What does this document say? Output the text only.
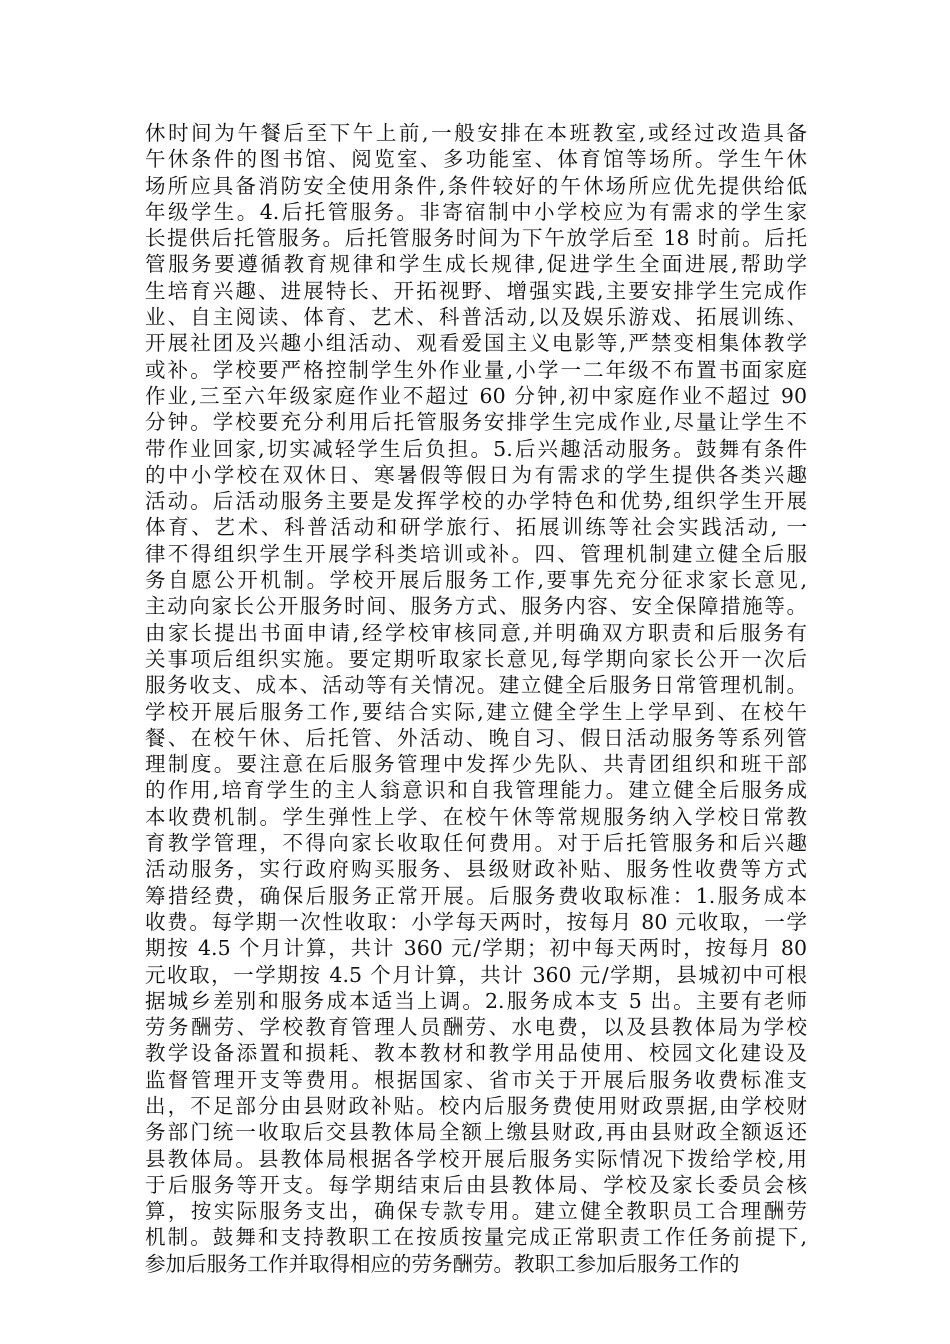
休时间为午餐后至下午上前,一般安排在本班教室,或经过改造具备
午休条件的图书馆、阅览室、多功能室、体育馆等场所。学生午休
场所应具备消防安全使用条件,条件较好的午休场所应优先提供给低
年级学生。4.后托管服务。非寄宿制中小学校应为有需求的学生家
长提供后托管服务。后托管服务时间为下午放学后至 18 时前。后托
管服务要遵循教育规律和学生成长规律,促进学生全面进展,帮助学
生培育兴趣、进展特长、开拓视野、增强实践,主要安排学生完成作
业、自主阅读、体育、艺术、科普活动,以及娱乐游戏、拓展训练、
开展社团及兴趣小组活动、观看爱国主义电影等,严禁变相集体教学
或补。学校要严格控制学生外作业量,小学一二年级不布置书面家庭
作业,三至六年级家庭作业不超过 60 分钟,初中家庭作业不超过 90
分钟。学校要充分利用后托管服务安排学生完成作业,尽量让学生不
带作业回家,切实减轻学生后负担。5.后兴趣活动服务。鼓舞有条件
的中小学校在双休日、寒暑假等假日为有需求的学生提供各类兴趣
活动。后活动服务主要是发挥学校的办学特色和优势,组织学生开展
体育、艺术、科普活动和研学旅行、拓展训练等社会实践活动, 一
律不得组织学生开展学科类培训或补。四、管理机制建立健全后服
务自愿公开机制。学校开展后服务工作,要事先充分征求家长意见,
主动向家长公开服务时间、服务方式、服务内容、安全保障措施等。
由家长提出书面申请,经学校审核同意,并明确双方职责和后服务有
关事项后组织实施。要定期听取家长意见,每学期向家长公开一次后
服务收支、成本、活动等有关情况。建立健全后服务日常管理机制。
学校开展后服务工作,要结合实际,建立健全学生上学早到、在校午
餐、在校午休、后托管、外活动、晚自习、假日活动服务等系列管
理制度。要注意在后服务管理中发挥少先队、共青团组织和班干部
的作用,培育学生的主人翁意识和自我管理能力。建立健全后服务成
本收费机制。学生弹性上学、在校午休等常规服务纳入学校日常教
育教学管理，不得向家长收取任何费用。对于后托管服务和后兴趣
活动服务，实行政府购买服务、县级财政补贴、服务性收费等方式
筹措经费，确保后服务正常开展。后服务费收取标准：1.服务成本
收费。每学期一次性收取：小学每天两时，按每月 80 元收取，一学
期按 4.5 个月计算，共计 360 元/学期；初中每天两时，按每月 80
元收取，一学期按 4.5 个月计算，共计 360 元/学期，县城初中可根
据城乡差别和服务成本适当上调。2.服务成本支 5 出。主要有老师
劳务酬劳、学校教育管理人员酬劳、水电费，以及县教体局为学校
教学设备添置和损耗、教本教材和教学用品使用、校园文化建设及
监督管理开支等费用。根据国家、省市关于开展后服务收费标准支
出，不足部分由县财政补贴。校内后服务费使用财政票据,由学校财
务部门统一收取后交县教体局全额上缴县财政,再由县财政全额返还
县教体局。县教体局根据各学校开展后服务实际情况下拨给学校,用
于后服务等开支。每学期结束后由县教体局、学校及家长委员会核
算，按实际服务支出，确保专款专用。建立健全教职员工合理酬劳
机制。鼓舞和支持教职工在按质按量完成正常职责工作任务前提下,
参加后服务工作并取得相应的劳务酬劳。教职工参加后服务工作的
